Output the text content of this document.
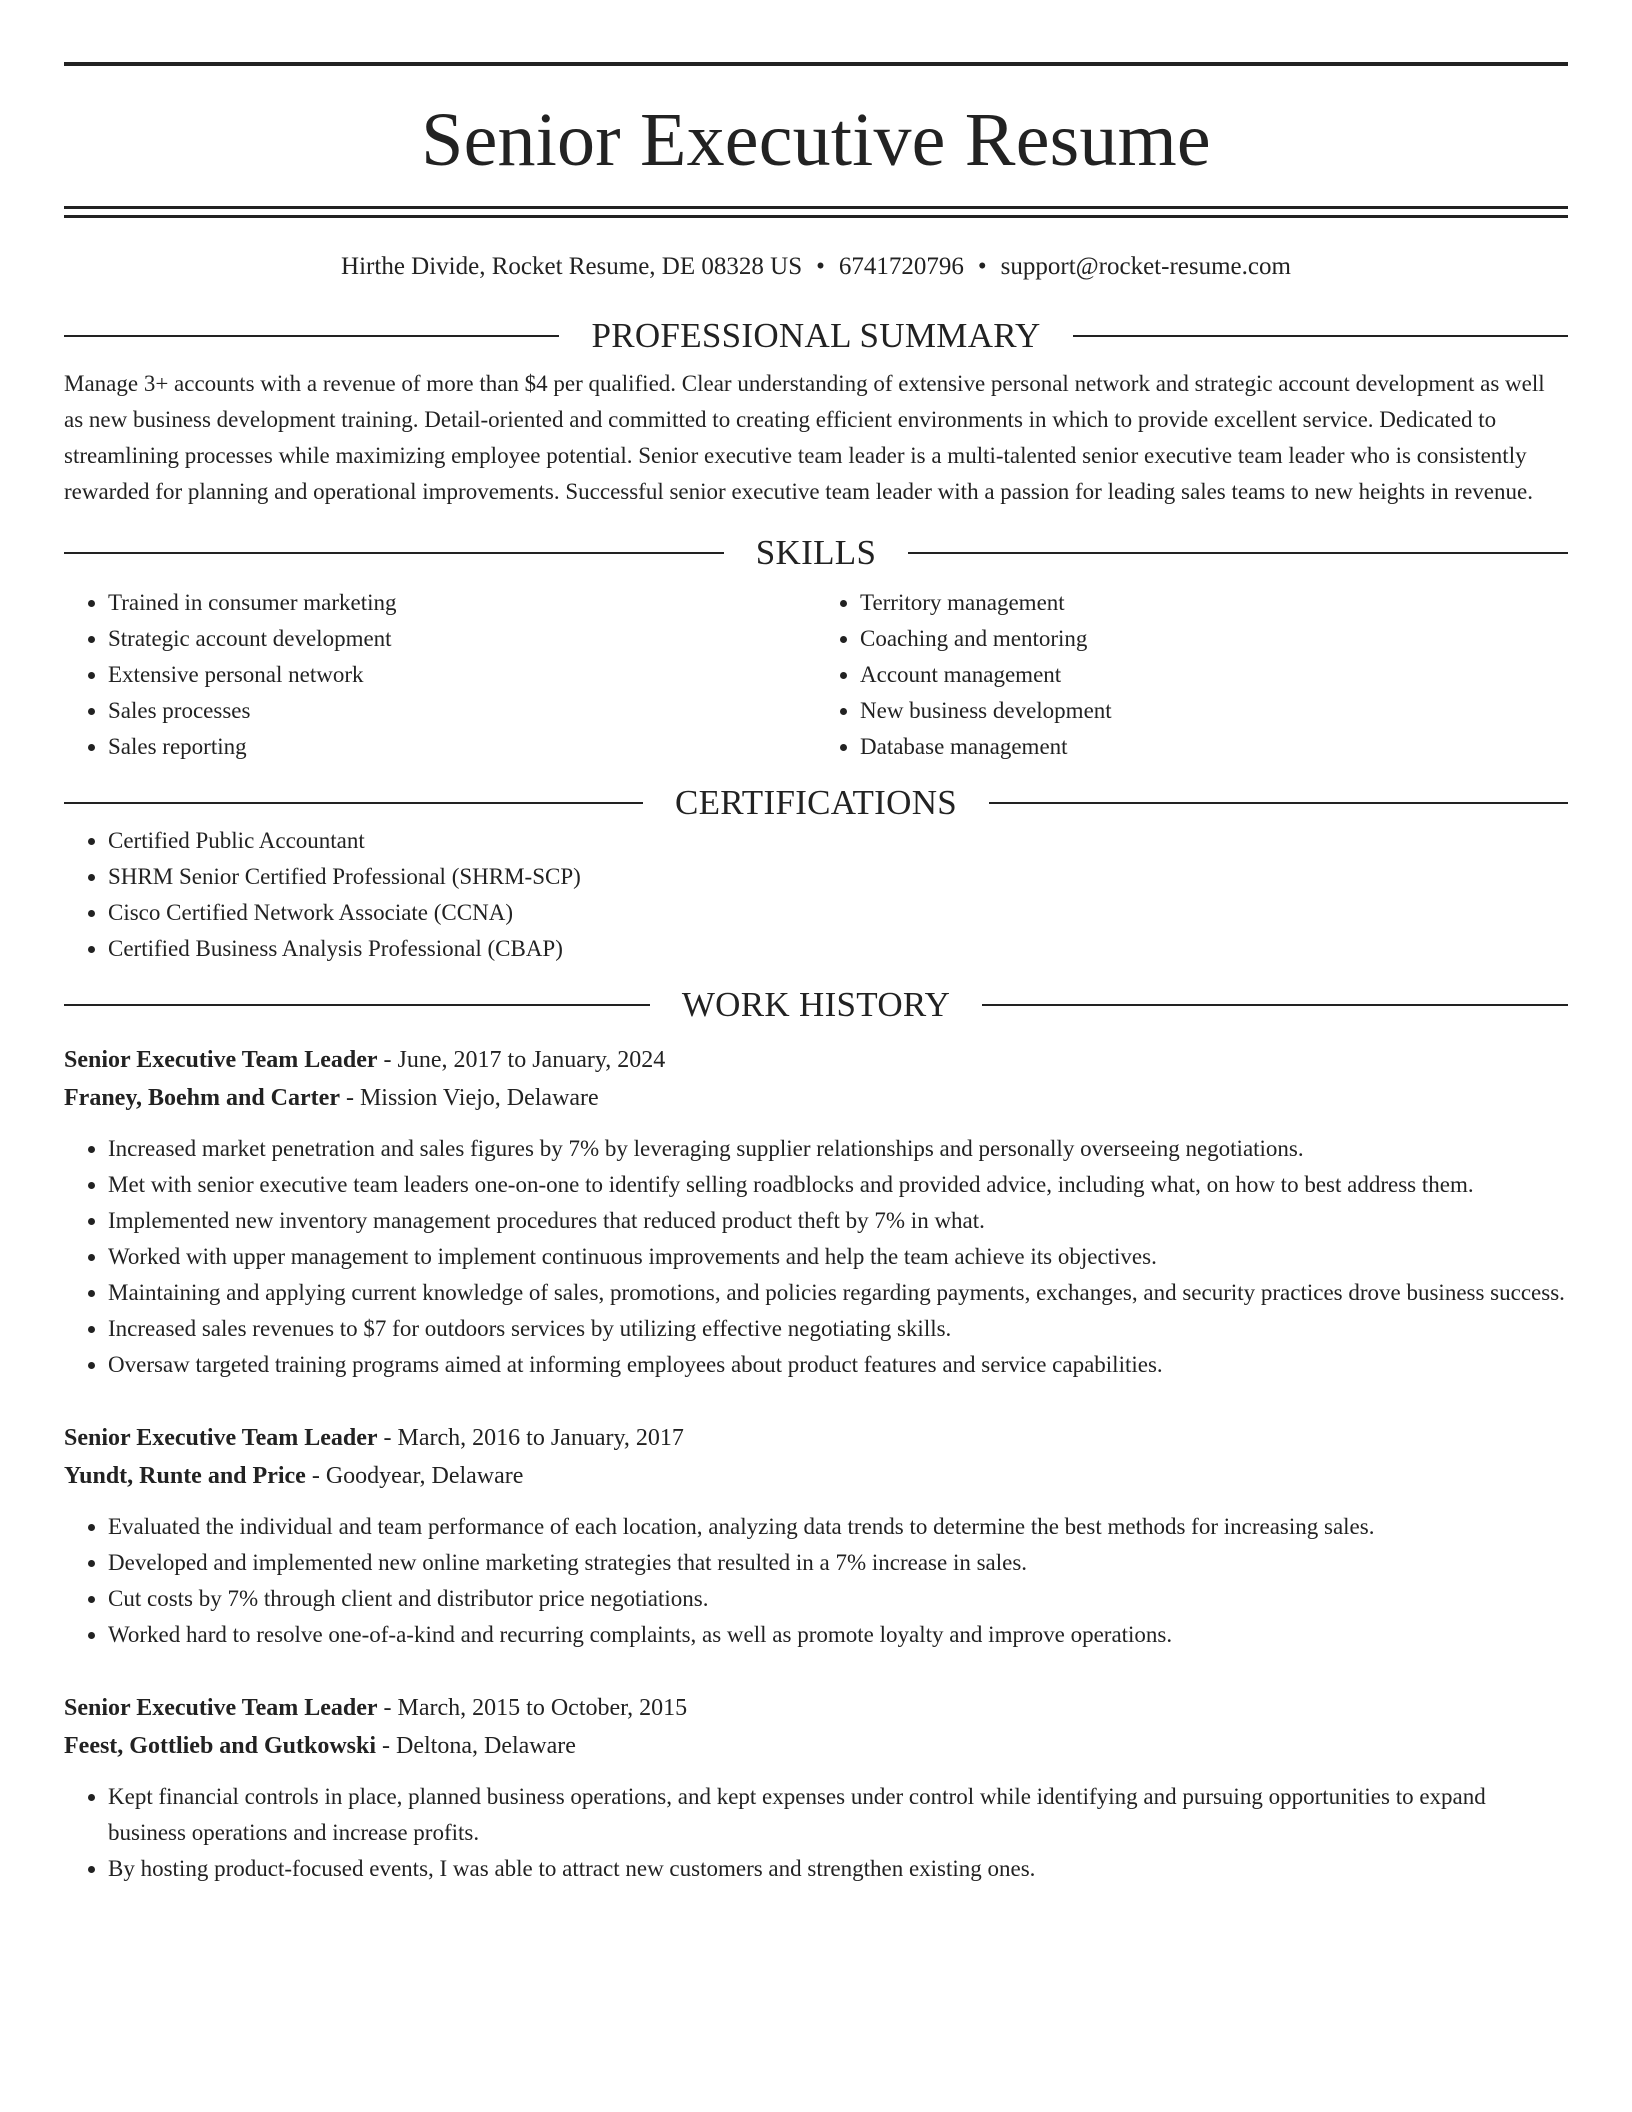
Senior Executive Resume
Hirthe Divide, Rocket Resume, DE 08328 US • 6741720796 • support@rocket-resume.com
PROFESSIONAL SUMMARY

Manage 3+ accounts with a revenue of more than $4 per qualified. Clear understanding of extensive personal network and strategic account development as well as new business development training. Detail-oriented and committed to creating efficient environments in which to provide excellent service. Dedicated to streamlining processes while maximizing employee potential. Senior executive team leader is a multi-talented senior executive team leader who is consistently rewarded for planning and operational improvements. Successful senior executive team leader with a passion for leading sales teams to new heights in revenue.

SKILLS
• Trained in consumer marketing
• Strategic account development
• Extensive personal network
• Sales processes
• Sales reporting
• Territory management
• Coaching and mentoring
• Account management
• New business development
• Database management
CERTIFICATIONS
• Certified Public Accountant
• SHRM Senior Certified Professional (SHRM-SCP)
• Cisco Certified Network Associate (CCNA)
• Certified Business Analysis Professional (CBAP)
WORK HISTORY
Senior Executive Team Leader - June, 2017 to January, 2024
Franey, Boehm and Carter - Mission Viejo, Delaware
• Increased market penetration and sales figures by 7% by leveraging supplier relationships and personally overseeing negotiations.
• Met with senior executive team leaders one-on-one to identify selling roadblocks and provided advice, including what, on how to best address them.
• Implemented new inventory management procedures that reduced product theft by 7% in what.
• Worked with upper management to implement continuous improvements and help the team achieve its objectives.
• Maintaining and applying current knowledge of sales, promotions, and policies regarding payments, exchanges, and security practices drove business success.
• Increased sales revenues to $7 for outdoors services by utilizing effective negotiating skills.
• Oversaw targeted training programs aimed at informing employees about product features and service capabilities.
Senior Executive Team Leader - March, 2016 to January, 2017
Yundt, Runte and Price - Goodyear, Delaware
• Evaluated the individual and team performance of each location, analyzing data trends to determine the best methods for increasing sales.
• Developed and implemented new online marketing strategies that resulted in a 7% increase in sales.
• Cut costs by 7% through client and distributor price negotiations.
• Worked hard to resolve one-of-a-kind and recurring complaints, as well as promote loyalty and improve operations.
Senior Executive Team Leader - March, 2015 to October, 2015
Feest, Gottlieb and Gutkowski - Deltona, Delaware
• Kept financial controls in place, planned business operations, and kept expenses under control while identifying and pursuing opportunities to expand business operations and increase profits.
• By hosting product-focused events, I was able to attract new customers and strengthen existing ones.
